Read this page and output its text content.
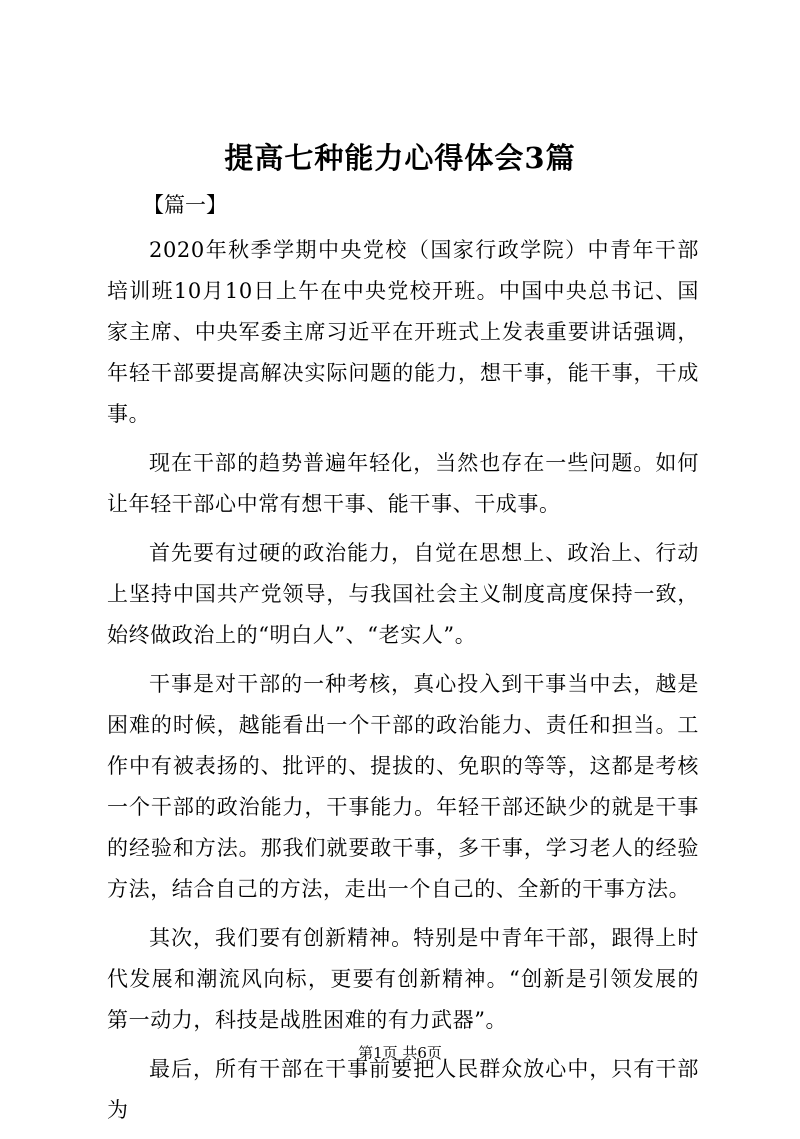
提高七种能力心得体会3篇
【篇一】

2020年秋季学期中央党校（国家行政学院）中青年干部培训班10月10日上午在中央党校开班。中国中央总书记、国家主席、中央军委主席习近平在开班式上发表重要讲话强调，年轻干部要提高解决实际问题的能力，想干事，能干事，干成事。

现在干部的趋势普遍年轻化，当然也存在一些问题。如何让年轻干部心中常有想干事、能干事、干成事。

首先要有过硬的政治能力，自觉在思想上、政治上、行动上坚持中国共产党领导，与我国社会主义制度高度保持一致，始终做政治上的“明白人”、“老实人”。

干事是对干部的一种考核，真心投入到干事当中去，越是困难的时候，越能看出一个干部的政治能力、责任和担当。工作中有被表扬的、批评的、提拔的、免职的等等，这都是考核一个干部的政治能力，干事能力。年轻干部还缺少的就是干事的经验和方法。那我们就要敢干事，多干事，学习老人的经验方法，结合自己的方法，走出一个自己的、全新的干事方法。

其次，我们要有创新精神。特别是中青年干部，跟得上时代发展和潮流风向标，更要有创新精神。“创新是引领发展的第一动力，科技是战胜困难的有力武器”。

最后，所有干部在干事前要把人民群众放心中，只有干部为

第1页 共6页
